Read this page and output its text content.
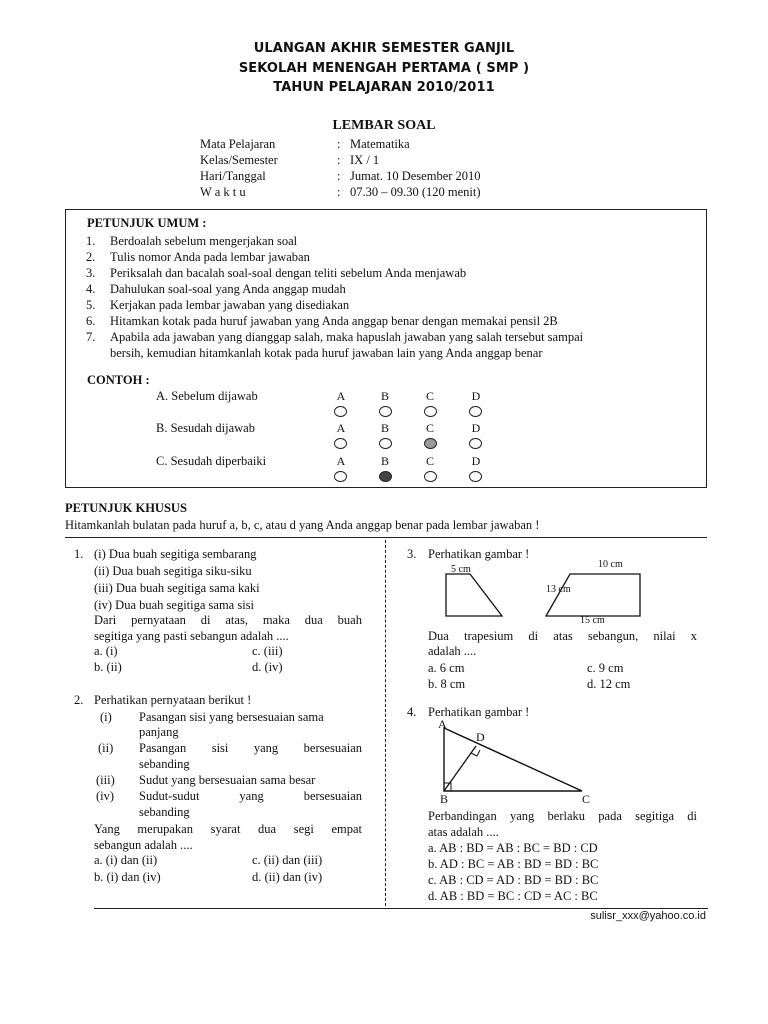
ULANGAN AKHIR SEMESTER GANJIL
SEKOLAH MENENGAH PERTAMA ( SMP )
TAHUN PELAJARAN 2010/2011
LEMBAR SOAL
Mata Pelajaran	: Matematika
Kelas/Semester	: IX / 1
Hari/Tanggal	: Jumat. 10 Desember 2010
W a k t u	: 07.30 – 09.30 (120 menit)
PETUNJUK UMUM :
1. Berdoalah sebelum mengerjakan soal
2. Tulis nomor Anda pada lembar jawaban
3. Periksalah dan bacalah soal-soal dengan teliti sebelum Anda menjawab
4. Dahulukan soal-soal yang Anda anggap mudah
5. Kerjakan pada lembar jawaban yang disediakan
6. Hitamkan kotak pada huruf jawaban yang Anda anggap benar dengan memakai pensil 2B
7. Apabila ada jawaban yang dianggap salah, maka hapuslah jawaban yang salah tersebut sampai
bersih, kemudian hitamkanlah kotak pada huruf jawaban lain yang Anda anggap benar
CONTOH :
A. Sebelum dijawab	A	B	C	D
B. Sesudah dijawab	A	B	C	D
C. Sesudah diperbaiki	A	B	C	D
PETUNJUK KHUSUS
Hitamkanlah bulatan pada huruf a, b, c, atau d yang Anda anggap benar pada lembar jawaban !
1. (i) Dua buah segitiga sembarang
(ii) Dua buah segitiga siku-siku
(iii) Dua buah segitiga sama kaki
(iv) Dua buah segitiga sama sisi
Dari pernyataan di atas, maka dua buah
segitiga yang pasti sebangun adalah ....
a. (i)	c. (iii)
b. (ii)	d. (iv)
2. Perhatikan pernyataan berikut !
(i) Pasangan sisi yang bersesuaian sama
panjang
(ii) Pasangan sisi yang bersesuaian
sebanding
(iii) Sudut yang bersesuaian sama besar
(iv) Sudut-sudut yang bersesuaian
sebanding
Yang merupakan syarat dua segi empat
sebangun adalah ....
a. (i) dan (ii)	c. (ii) dan (iii)
b. (i) dan (iv)	d. (ii) dan (iv)
3. Perhatikan gambar !
5 cm	10 cm
13 cm
15 cm
Dua trapesium di atas sebangun, nilai x
adalah ....
a. 6 cm	c. 9 cm
b. 8 cm	d. 12 cm
4. Perhatikan gambar !
A
D
B	C
Perbandingan yang berlaku pada segitiga di
atas adalah ....
a. AB : BD = AB : BC = BD : CD
b. AD : BC = AB : BD = BD : BC
c. AB : CD = AD : BD = BD : BC
d. AB : BD = BC : CD = AC : BC
sulisr_xxx@yahoo.co.id
